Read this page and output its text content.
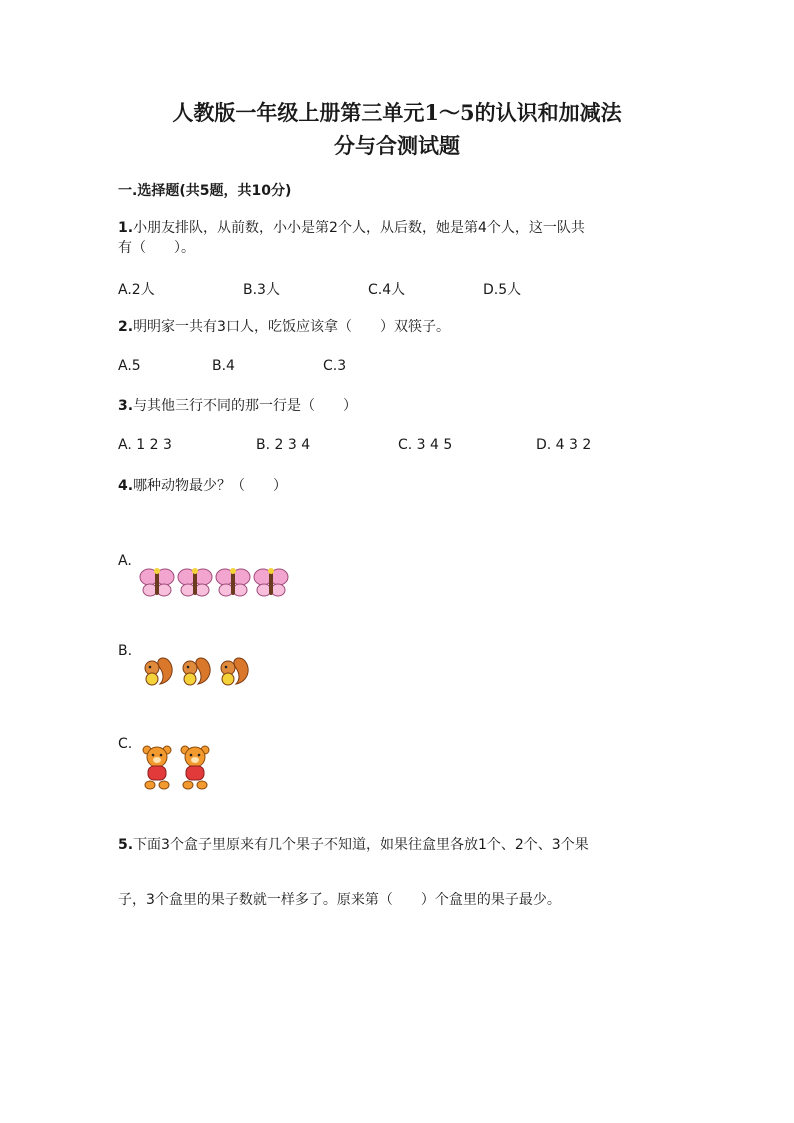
人教版一年级上册第三单元1～5的认识和加减法
分与合测试题
一.选择题(共5题，共10分)
1.小朋友排队，从前数，小小是第2个人，从后数，她是第4个人，这一队共
有（　　）。
A.2人	B.3人	C.4人	D.5人
2.明明家一共有3口人，吃饭应该拿（　　）双筷子。
A.5	B.4	C.3
3.与其他三行不同的那一行是（　　）
A. 1 2 3	B. 2 3 4	C. 3 4 5	D. 4 3 2
4.哪种动物最少？（　　）
A.
B.
C.
5.下面3个盒子里原来有几个果子不知道，如果往盒里各放1个、2个、3个果
子，3个盒里的果子数就一样多了。原来第（　　）个盒里的果子最少。
